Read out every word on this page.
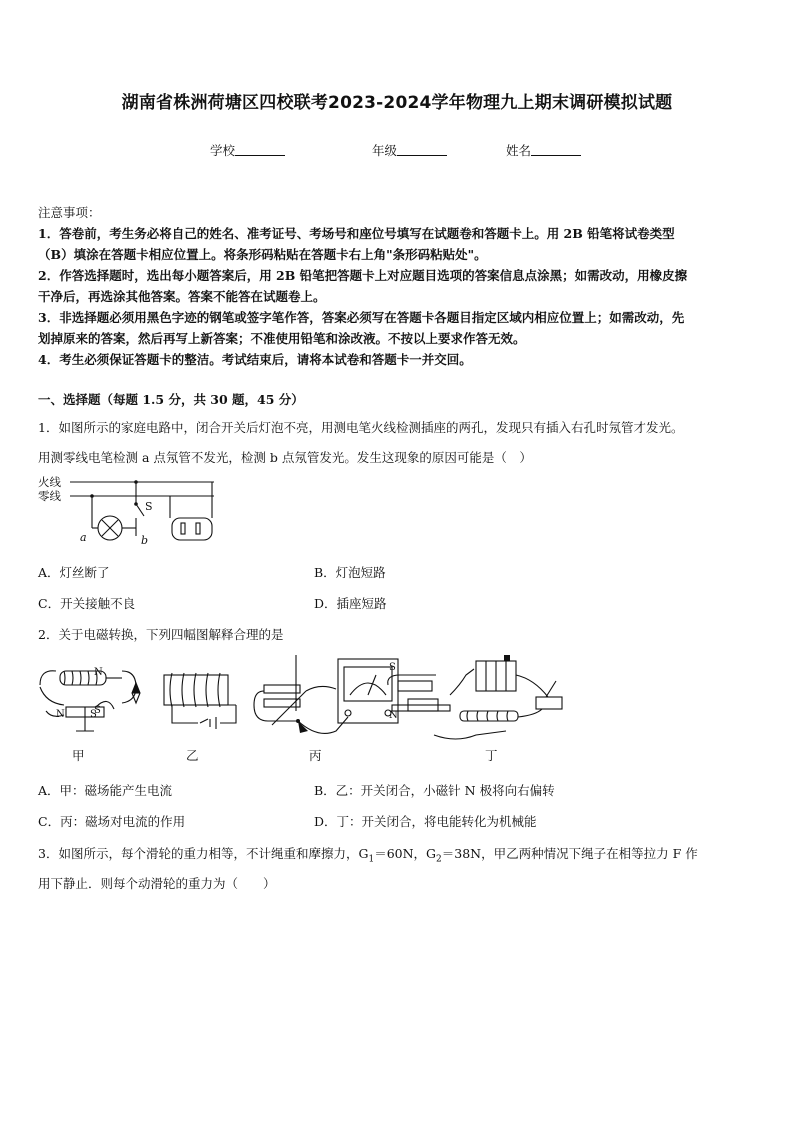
湖南省株洲荷塘区四校联考2023-2024学年物理九上期末调研模拟试题
学校	年级	姓名
注意事项：
1．答卷前，考生务必将自己的姓名、准考证号、考场号和座位号填写在试题卷和答题卡上。用 2B 铅笔将试卷类型
（B）填涂在答题卡相应位置上。将条形码粘贴在答题卡右上角"条形码粘贴处"。
2．作答选择题时，选出每小题答案后，用 2B 铅笔把答题卡上对应题目选项的答案信息点涂黑；如需改动，用橡皮擦
干净后，再选涂其他答案。答案不能答在试题卷上。
3．非选择题必须用黑色字迹的钢笔或签字笔作答，答案必须写在答题卡各题目指定区域内相应位置上；如需改动，先
划掉原来的答案，然后再写上新答案；不准使用铅笔和涂改液。不按以上要求作答无效。
4．考生必须保证答题卡的整洁。考试结束后，请将本试卷和答题卡一并交回。
一、选择题（每题 1.5 分，共 30 题，45 分）
1．如图所示的家庭电路中，闭合开关后灯泡不亮，用测电笔火线检测插座的两孔，发现只有插入右孔时氖管才发光。
用测零线电笔检测 a 点氖管不发光，检测 b 点氖管发光。发生这现象的原因可能是（　）
火线
零线
a	b
S
A．灯丝断了	B．灯泡短路
C．开关接触不良	D．插座短路
2．关于电磁转换，下列四幅图解释合理的是
N
S
N	S
S
N
甲	乙	丙	丁
A．甲：磁场能产生电流	B．乙：开关闭合，小磁针 N 极将向右偏转
C．丙：磁场对电流的作用	D．丁：开关闭合，将电能转化为机械能
3．如图所示，每个滑轮的重力相等，不计绳重和摩擦力，$G_1=60N$，$G_2=38N$，甲乙两种情况下绳子在相等拉力 F 作
用下静止．则每个动滑轮的重力为（　　）
